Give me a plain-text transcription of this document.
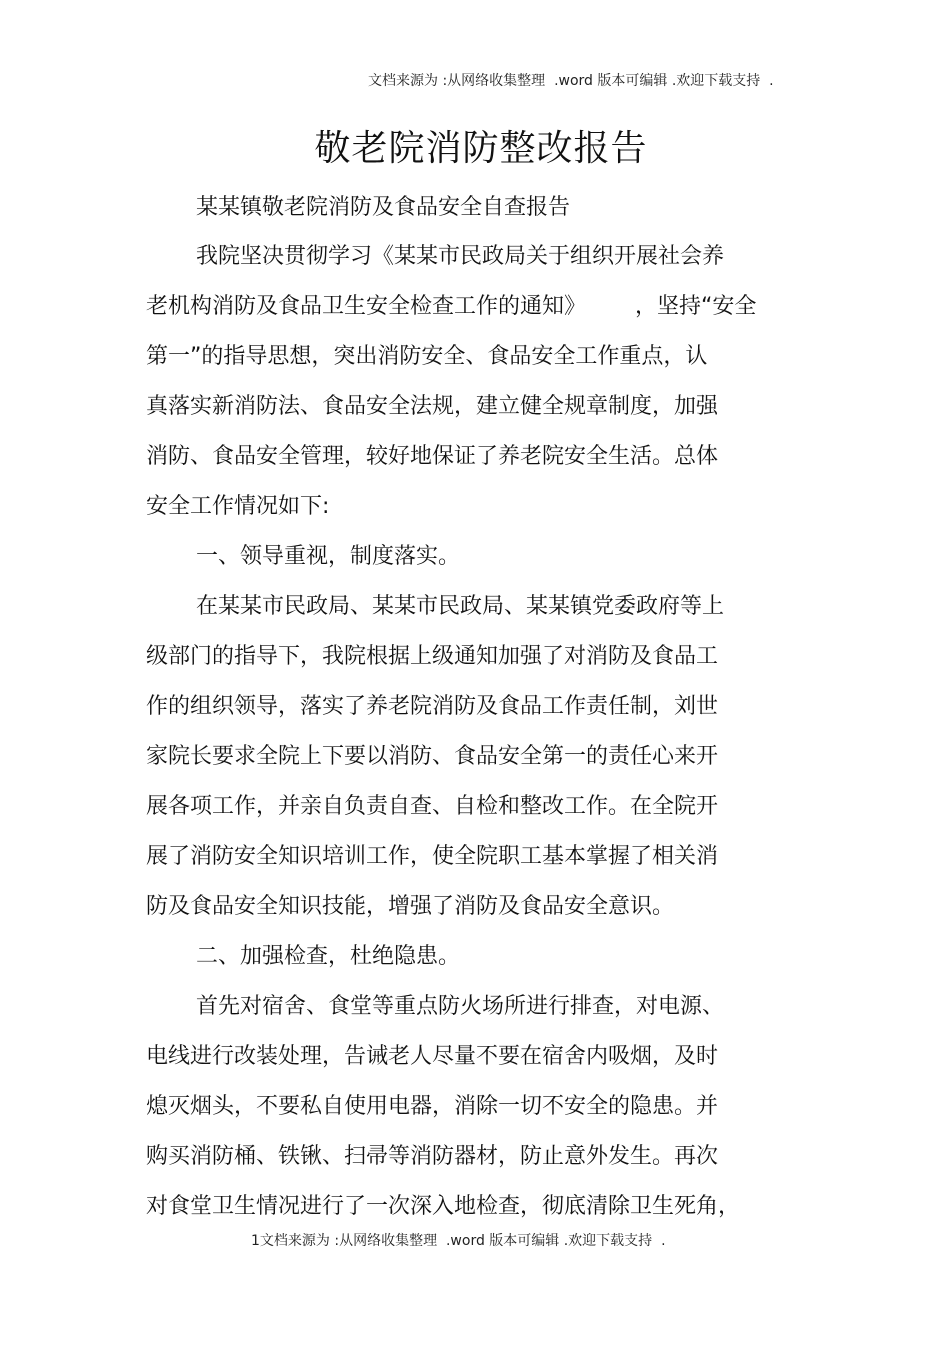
文档来源为 :从网络收集整理  .word 版本可编辑 .欢迎下载支持  .
敬老院消防整改报告
某某镇敬老院消防及食品安全自查报告
我院坚决贯彻学习《某某市民政局关于组织开展社会养
老机构消防及食品卫生安全检查工作的通知》       ，坚持“安全
第一”的指导思想，突出消防安全、食品安全工作重点，认
真落实新消防法、食品安全法规，建立健全规章制度，加强
消防、食品安全管理，较好地保证了养老院安全生活。总体
安全工作情况如下:
一、领导重视，制度落实。
在某某市民政局、某某市民政局、某某镇党委政府等上
级部门的指导下，我院根据上级通知加强了对消防及食品工
作的组织领导，落实了养老院消防及食品工作责任制，刘世
家院长要求全院上下要以消防、食品安全第一的责任心来开
展各项工作，并亲自负责自查、自检和整改工作。在全院开
展了消防安全知识培训工作，使全院职工基本掌握了相关消
防及食品安全知识技能，增强了消防及食品安全意识。
二、加强检查，杜绝隐患。
首先对宿舍、食堂等重点防火场所进行排查，对电源、
电线进行改装处理，告诫老人尽量不要在宿舍内吸烟，及时
熄灭烟头，不要私自使用电器，消除一切不安全的隐患。并
购买消防桶、铁锹、扫帚等消防器材，防止意外发生。再次
对食堂卫生情况进行了一次深入地检查，彻底清除卫生死角，
1文档来源为 :从网络收集整理  .word 版本可编辑 .欢迎下载支持  .
